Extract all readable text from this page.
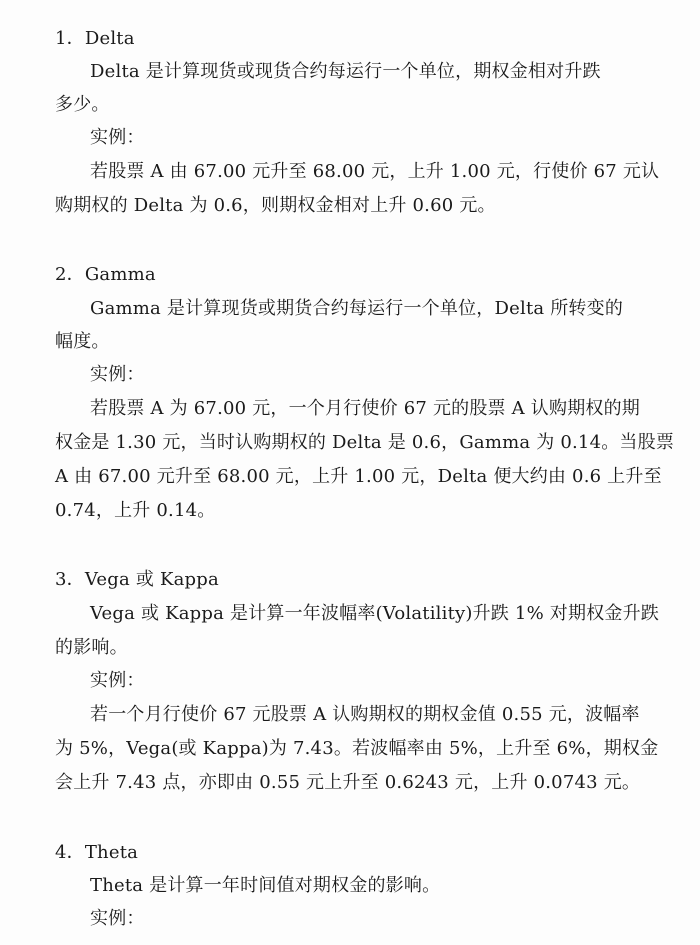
1．Delta
Delta 是计算现货或现货合约每运行一个单位，期权金相对升跌
多少。
实例：
若股票 A 由 67.00 元升至 68.00 元，上升 1.00 元，行使价 67 元认
购期权的 Delta 为 0.6，则期权金相对上升 0.60 元。
2．Gamma
Gamma 是计算现货或期货合约每运行一个单位，Delta 所转变的
幅度。
实例：
若股票 A 为 67.00 元，一个月行使价 67 元的股票 A 认购期权的期
权金是 1.30 元，当时认购期权的 Delta 是 0.6，Gamma 为 0.14。当股票
A 由 67.00 元升至 68.00 元，上升 1.00 元，Delta 便大约由 0.6 上升至
0.74，上升 0.14。
3．Vega 或 Kappa
Vega 或 Kappa 是计算一年波幅率(Volatility)升跌 1% 对期权金升跌
的影响。
实例：
若一个月行使价 67 元股票 A 认购期权的期权金值 0.55 元，波幅率
为 5%，Vega(或 Kappa)为 7.43。若波幅率由 5%，上升至 6%，期权金
会上升 7.43 点，亦即由 0.55 元上升至 0.6243 元，上升 0.0743 元。
4．Theta
Theta 是计算一年时间值对期权金的影响。
实例：
